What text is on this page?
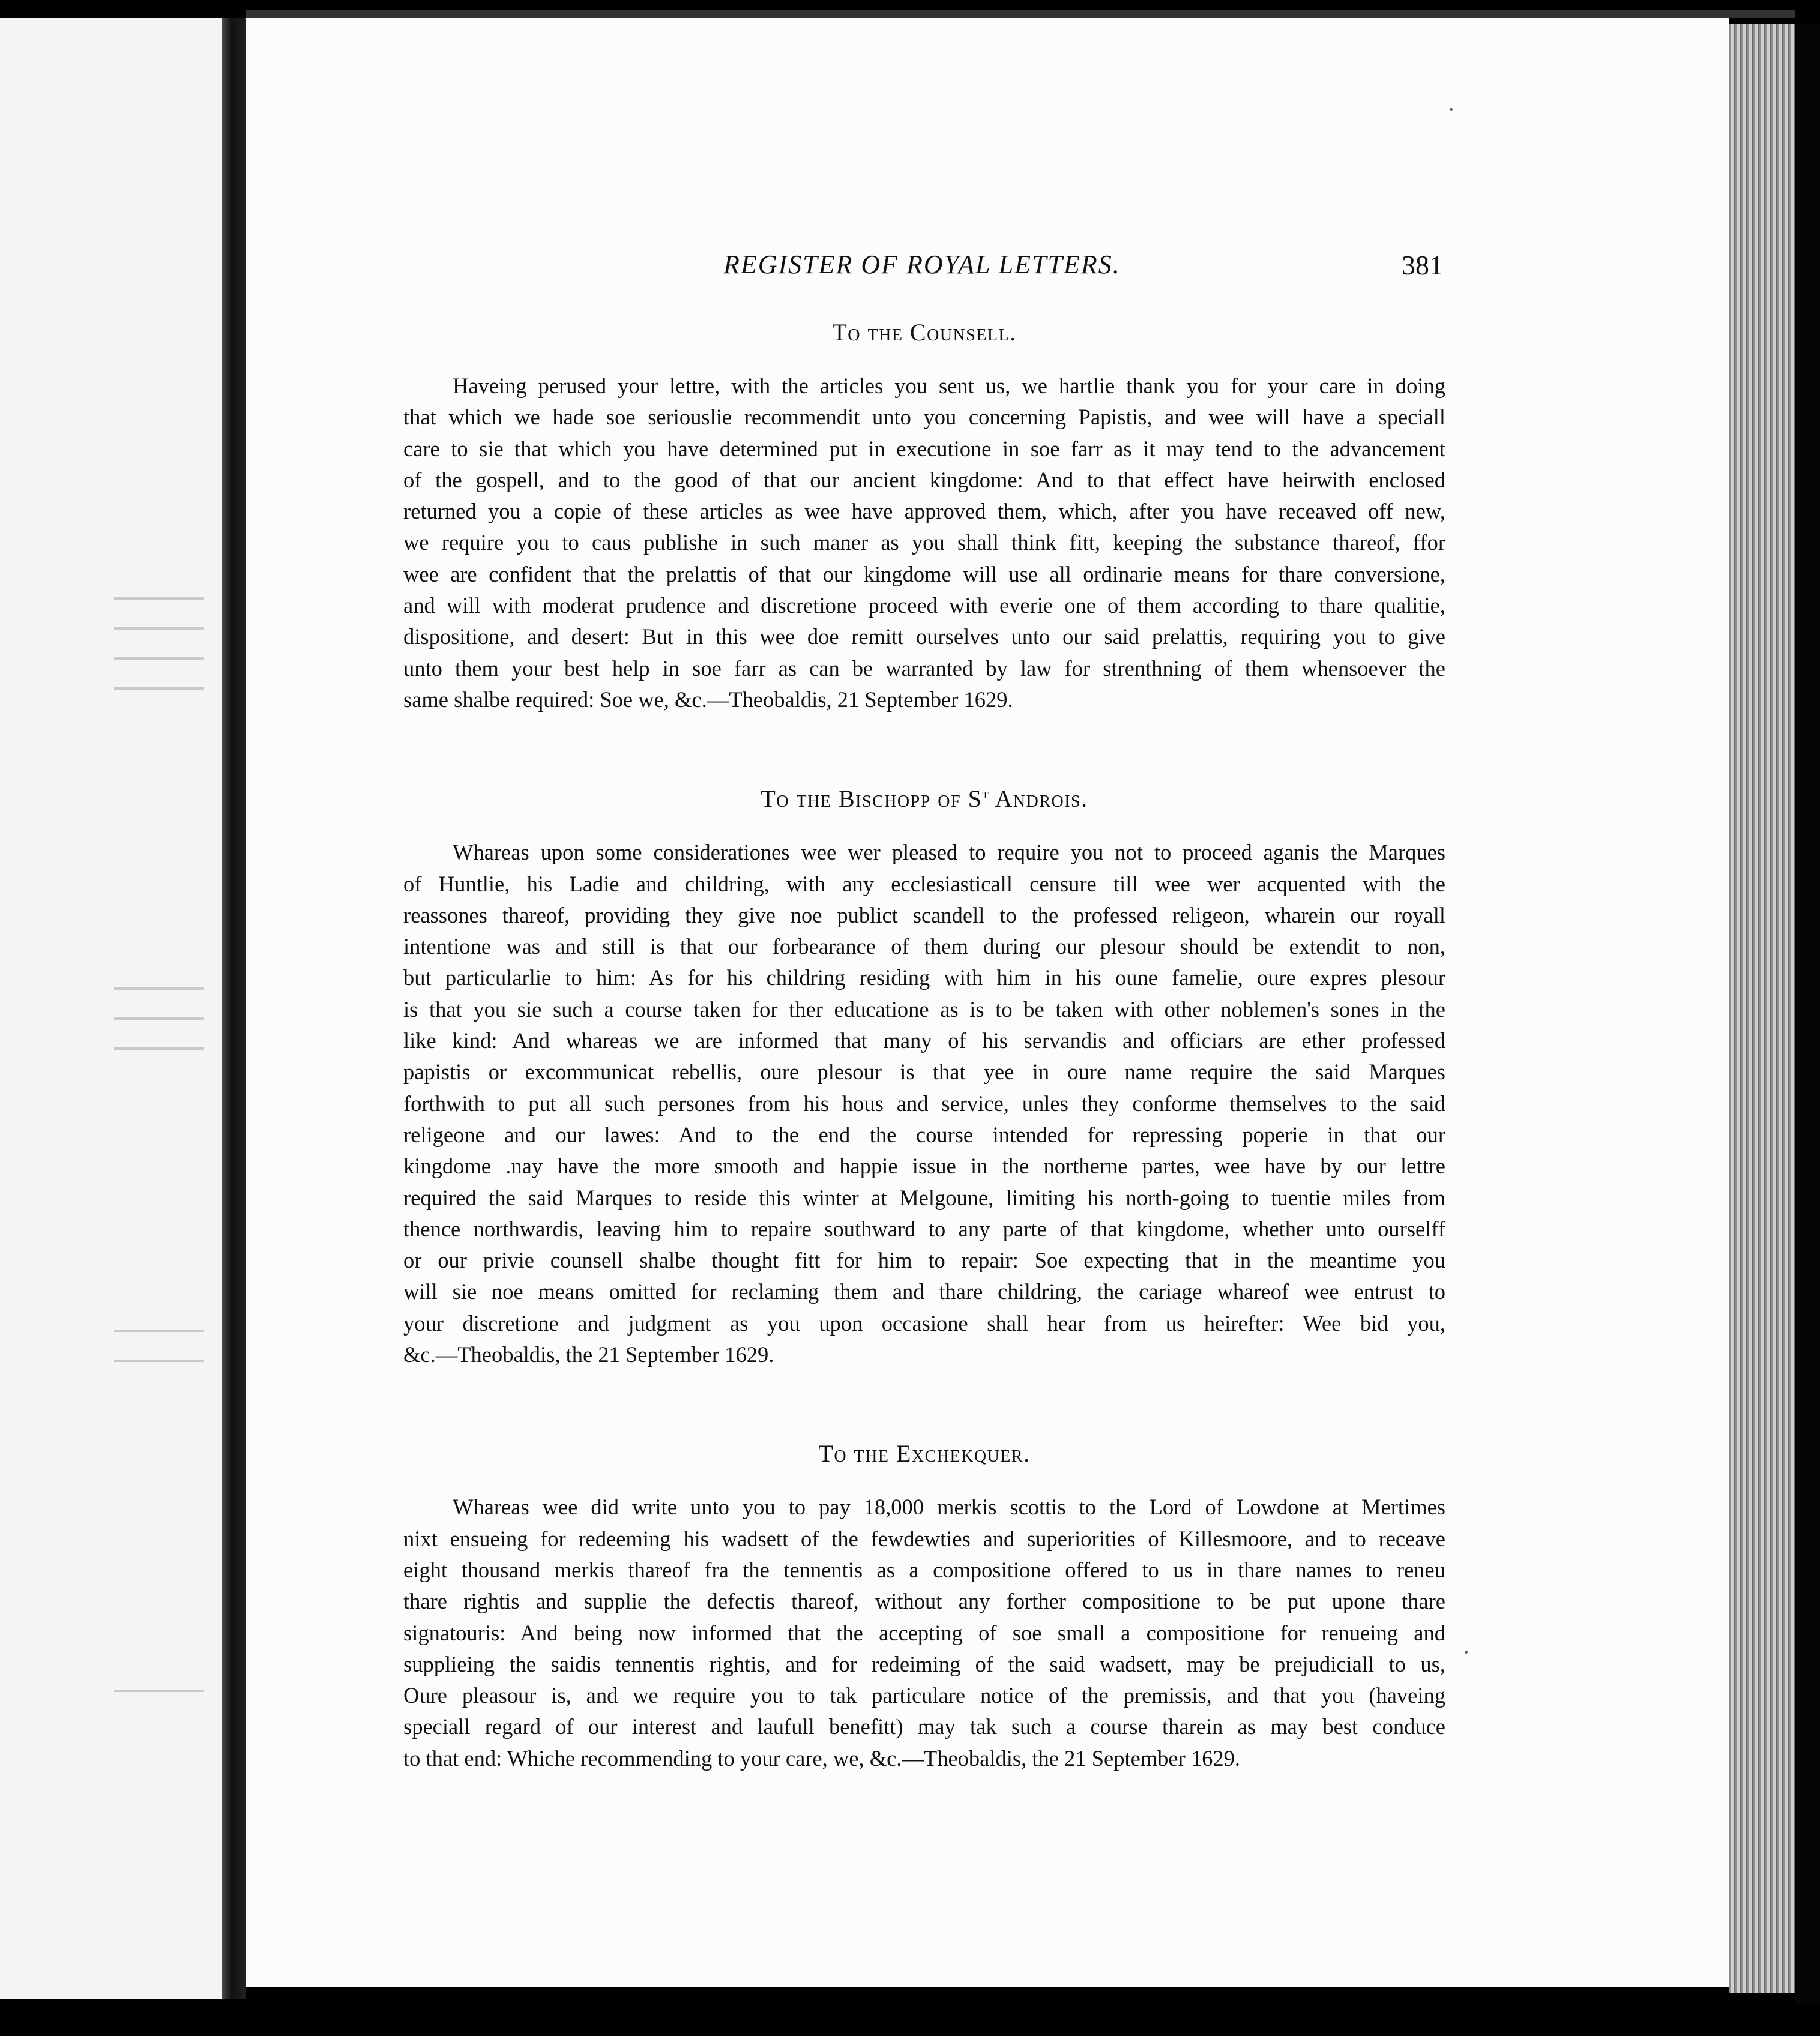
REGISTER OF ROYAL LETTERS.	381
To the Counsell.
Haveing perused your lettre, with the articles you sent us, we hartlie thank you for your care in doing
that which we hade soe seriouslie recommendit unto you concerning Papistis, and wee will have a speciall
care to sie that which you have determined put in executione in soe farr as it may tend to the advancement
of the gospell, and to the good of that our ancient kingdome: And to that effect have heirwith enclosed
returned you a copie of these articles as wee have approved them, which, after you have receaved off new,
we require you to caus publishe in such maner as you shall think fitt, keeping the substance thareof, ffor
wee are confident that the prelattis of that our kingdome will use all ordinarie means for thare conversione,
and will with moderat prudence and discretione proceed with everie one of them according to thare qualitie,
dispositione, and desert: But in this wee doe remitt ourselves unto our said prelattis, requiring you to give
unto them your best help in soe farr as can be warranted by law for strenthning of them whensoever the
same shalbe required: Soe we, &c.—Theobaldis, 21 September 1629.
To the Bischopp of $S^t$ Androis.
Whareas upon some considerationes wee wer pleased to require you not to proceed aganis the Marques
of Huntlie, his Ladie and childring, with any ecclesiasticall censure till wee wer acquented with the
reassones thareof, providing they give noe publict scandell to the professed religeon, wharein our royall
intentione was and still is that our forbearance of them during our plesour should be extendit to non,
but particularlie to him: As for his childring residing with him in his oune famelie, oure expres plesour
is that you sie such a course taken for ther educatione as is to be taken with other noblemen's sones in the
like kind: And whareas we are informed that many of his servandis and officiars are ether professed
papistis or excommunicat rebellis, oure plesour is that yee in oure name require the said Marques
forthwith to put all such persones from his hous and service, unles they conforme themselves to the said
religeone and our lawes: And to the end the course intended for repressing poperie in that our
kingdome .nay have the more smooth and happie issue in the northerne partes, wee have by our lettre
required the said Marques to reside this winter at Melgoune, limiting his north-going to tuentie miles from
thence northwardis, leaving him to repaire southward to any parte of that kingdome, whether unto ourselff
or our privie counsell shalbe thought fitt for him to repair: Soe expecting that in the meantime you
will sie noe means omitted for reclaming them and thare childring, the cariage whareof wee entrust to
your discretione and judgment as you upon occasione shall hear from us heirefter: Wee bid you,
&c.—Theobaldis, the 21 September 1629.
To the Exchekquer.
Whareas wee did write unto you to pay 18,000 merkis scottis to the Lord of Lowdone at Mertimes
nixt ensueing for redeeming his wadsett of the fewdewties and superiorities of Killesmoore, and to receave
eight thousand merkis thareof fra the tennentis as a compositione offered to us in thare names to reneu
thare rightis and supplie the defectis thareof, without any forther compositione to be put upone thare
signatouris: And being now informed that the accepting of soe small a compositione for renueing and
supplieing the saidis tennentis rightis, and for redeiming of the said wadsett, may be prejudiciall to us,
Oure pleasour is, and we require you to tak particulare notice of the premissis, and that you (haveing
speciall regard of our interest and laufull benefitt) may tak such a course tharein as may best conduce
to that end: Whiche recommending to your care, we, &c.—Theobaldis, the 21 September 1629.
